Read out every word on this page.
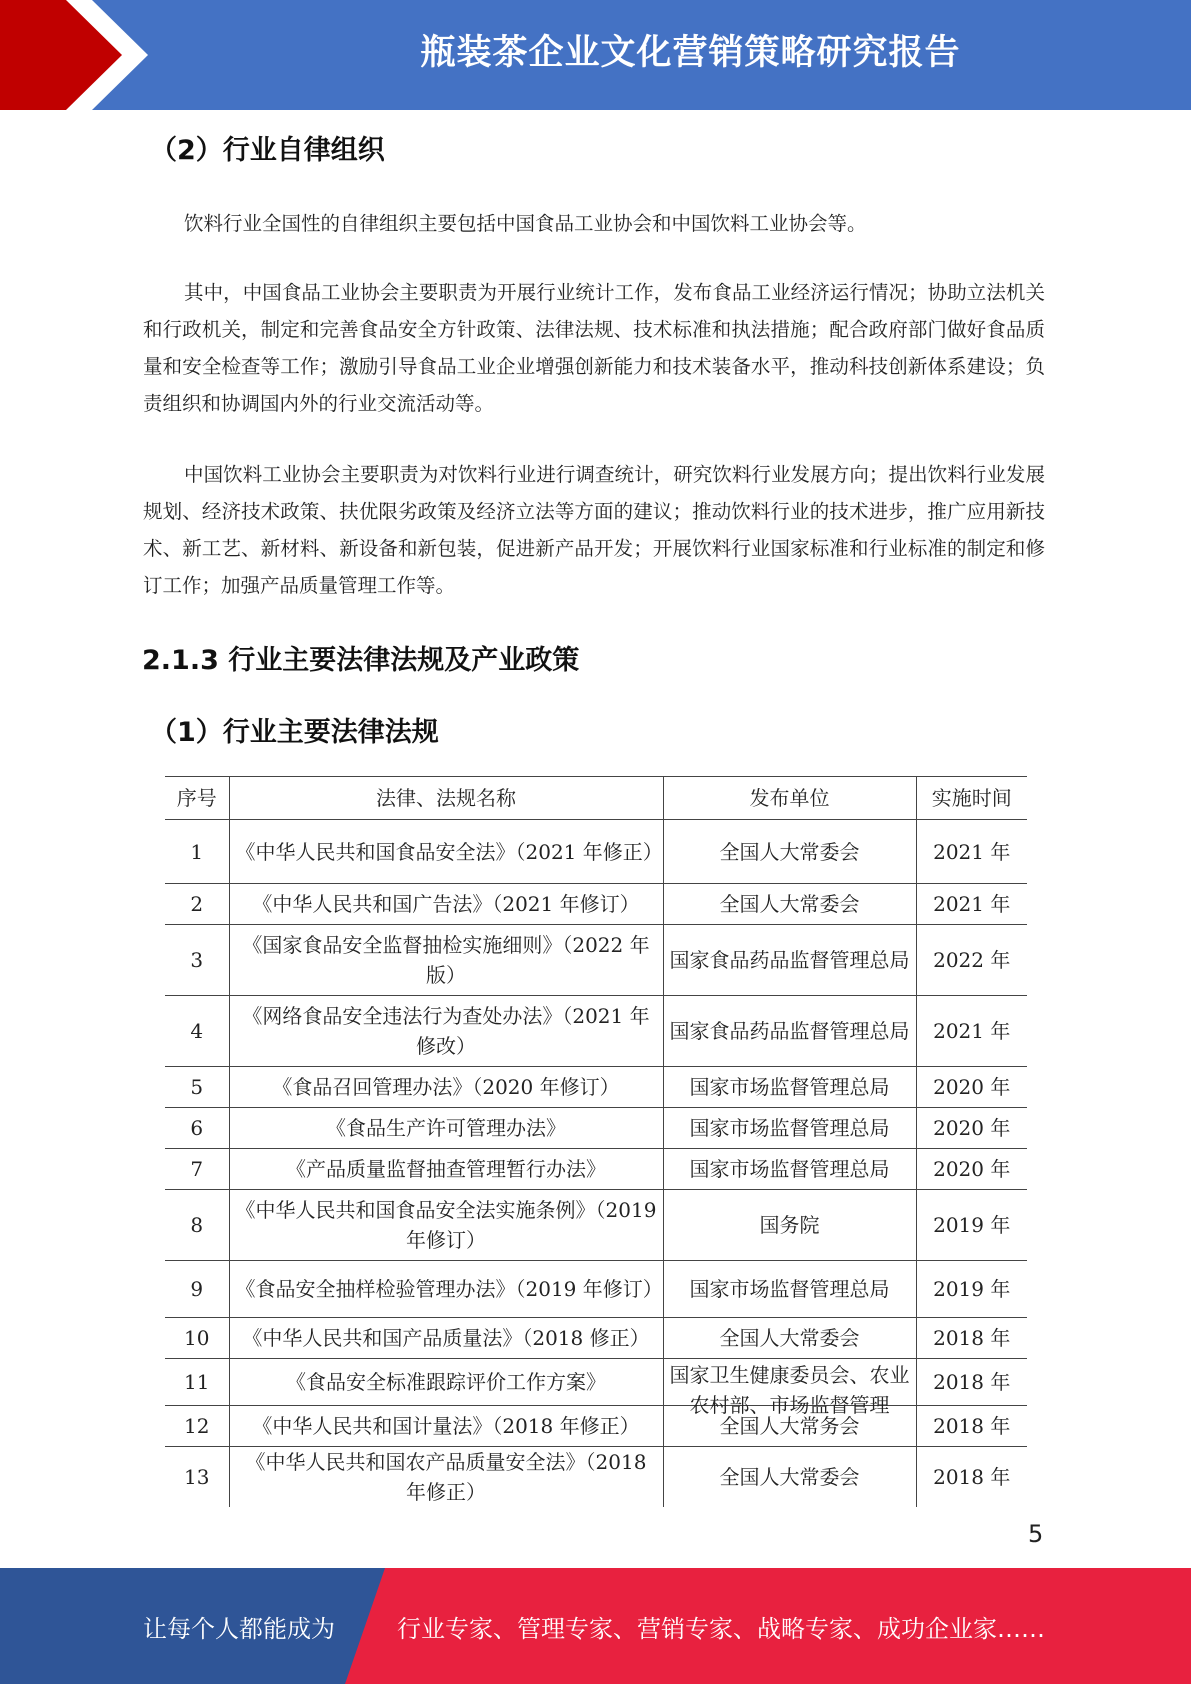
瓶装茶企业文化营销策略研究报告
（2）行业自律组织

饮料行业全国性的自律组织主要包括中国食品工业协会和中国饮料工业协会等。

其中，中国食品工业协会主要职责为开展行业统计工作，发布食品工业经济运行情况；协助立法机关和行政机关，制定和完善食品安全方针政策、法律法规、技术标准和执法措施；配合政府部门做好食品质量和安全检查等工作；激励引导食品工业企业增强创新能力和技术装备水平，推动科技创新体系建设；负责组织和协调国内外的行业交流活动等。

中国饮料工业协会主要职责为对饮料行业进行调查统计，研究饮料行业发展方向；提出饮料行业发展规划、经济技术政策、扶优限劣政策及经济立法等方面的建议；推动饮料行业的技术进步，推广应用新技术、新工艺、新材料、新设备和新包装，促进新产品开发；开展饮料行业国家标准和行业标准的制定和修订工作；加强产品质量管理工作等。

2.1.3 行业主要法律法规及产业政策
（1）行业主要法律法规
序号	法律、法规名称	发布单位	实施时间
1	《中华人民共和国食品安全法》（2021 年修正）	全国人大常委会	2021 年
2	《中华人民共和国广告法》（2021 年修订）	全国人大常委会	2021 年
3	《国家食品安全监督抽检实施细则》（2022 年版）	国家食品药品监督管理总局	2022 年
4	《网络食品安全违法行为查处办法》（2021 年修改）	国家食品药品监督管理总局	2021 年
5	《食品召回管理办法》（2020 年修订）	国家市场监督管理总局	2020 年
6	《食品生产许可管理办法》	国家市场监督管理总局	2020 年
7	《产品质量监督抽查管理暂行办法》	国家市场监督管理总局	2020 年
8	《中华人民共和国食品安全法实施条例》（2019 年修订）	国务院	2019 年
9	《食品安全抽样检验管理办法》（2019 年修订）	国家市场监督管理总局	2019 年
10	《中华人民共和国产品质量法》（2018 修正）	全国人大常委会	2018 年
11	《食品安全标准跟踪评价工作方案》	国家卫生健康委员会、农业农村部、市场监督管理	2018 年
12	《中华人民共和国计量法》（2018 年修正）	全国人大常务会	2018 年
13	《中华人民共和国农产品质量安全法》（2018 年修正）	全国人大常委会	2018 年
5
让每个人都能成为	行业专家、管理专家、营销专家、战略专家、成功企业家……
